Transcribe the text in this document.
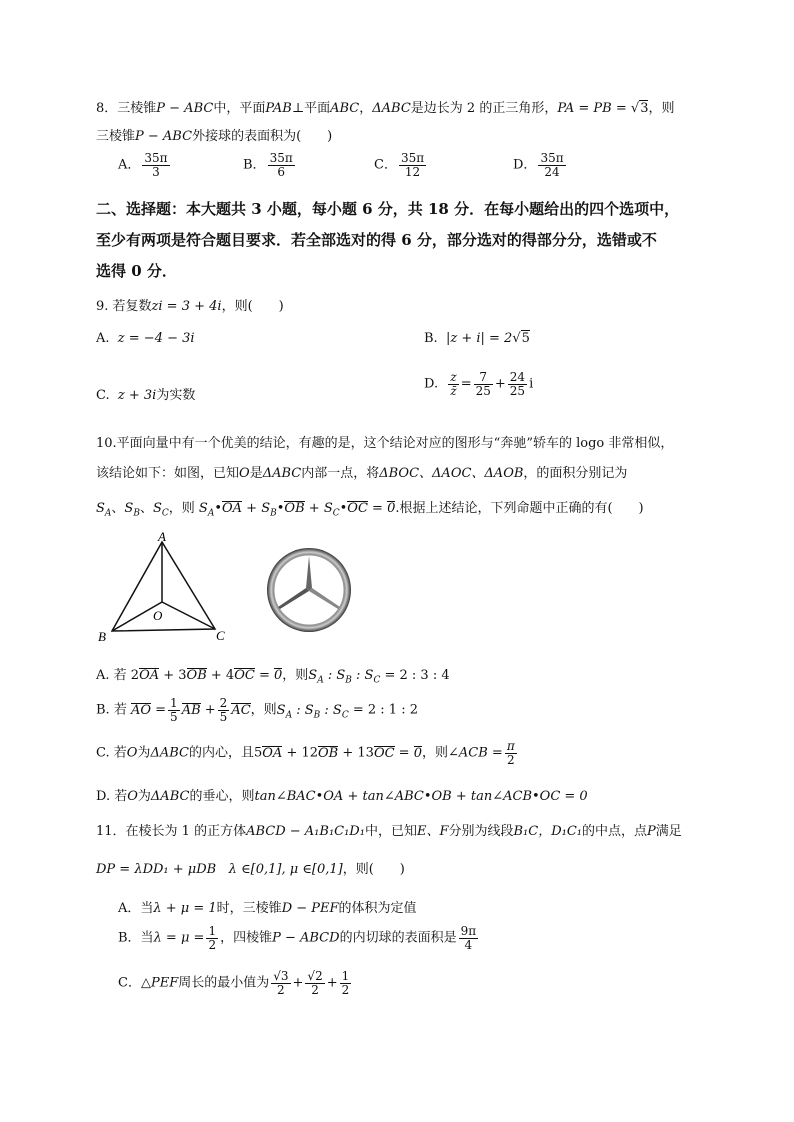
8．三棱锥P − ABC中，平面PAB⊥平面ABC，ΔABC是边长为 2 的正三角形，PA = PB = √3，则
三棱锥P − ABC外接球的表面积为(　　)
A． $\frac{35\pi}{3}$	B． $\frac{35\pi}{6}$	C． $\frac{35\pi}{12}$	D． $\frac{35\pi}{24}$
二、选择题：本大题共 3 小题，每小题 6 分，共 18 分．在每小题给出的四个选项中，
至少有两项是符合题目要求．若全部选对的得 6 分，部分选对的得部分分，选错或不
选得 0 分．
9. 若复数zi = 3 + 4i，则(　　)
A. z = −4 − 3i	B. |z + i| = 2√5
C. z + 3i为实数
D. $\frac{z}{z̄} = \frac{7}{25} + \frac{24}{25}$ i
10.平面向量中有一个优美的结论，有趣的是，这个结论对应的图形与“奔驰”轿车的 logo 非常相似，
该结论如下：如图，已知O是ΔABC内部一点，将ΔBOC、ΔAOC、ΔAOB，的面积分别记为
$S_A$、$S_B$、$S_C$，则 $S_A•OA$ + $S_B•OB$ + $S_C•OC = 0$.根据上述结论，下列命题中正确的有(　　)
A
B	C
O
A. 若 2OA + 3OB + 4OC = 0，则$S_A$ : $S_B$ : $S_C = 2$ : 3 : 4
B. 若 AO = $\frac{1}{5}$ AB + $\frac{2}{5}$ AC，则$S_A$ : $S_B$ : $S_C = 2$ : 1 : 2
C. 若O为ΔABC的内心，且5OA + 12OB + 13OC = 0，则∠ACB = $\frac{\pi}{2}$
D. 若O为ΔABC的垂心，则tan∠BAC•OA + tan∠ABC•OB + tan∠ACB•OC = 0
11．在棱长为 1 的正方体ABCD − A₁B₁C₁D₁中，已知E、F分别为线段B₁C，D₁C₁的中点，点P满足
DP = λDD₁ + μDB λ ∈[0,1], μ ∈[0,1]，则(　　)
A．当λ + μ = 1时，三棱锥D − PEF的体积为定值
B．当$\lambda = \mu = \frac{1}{2}$ ，四棱锥P − ABCD的内切球的表面积是 $\frac{9\pi}{4}$
C．△PEF周长的最小值为 $\frac{√3}{2} + \frac{√2}{2} + \frac{1}{2}$
